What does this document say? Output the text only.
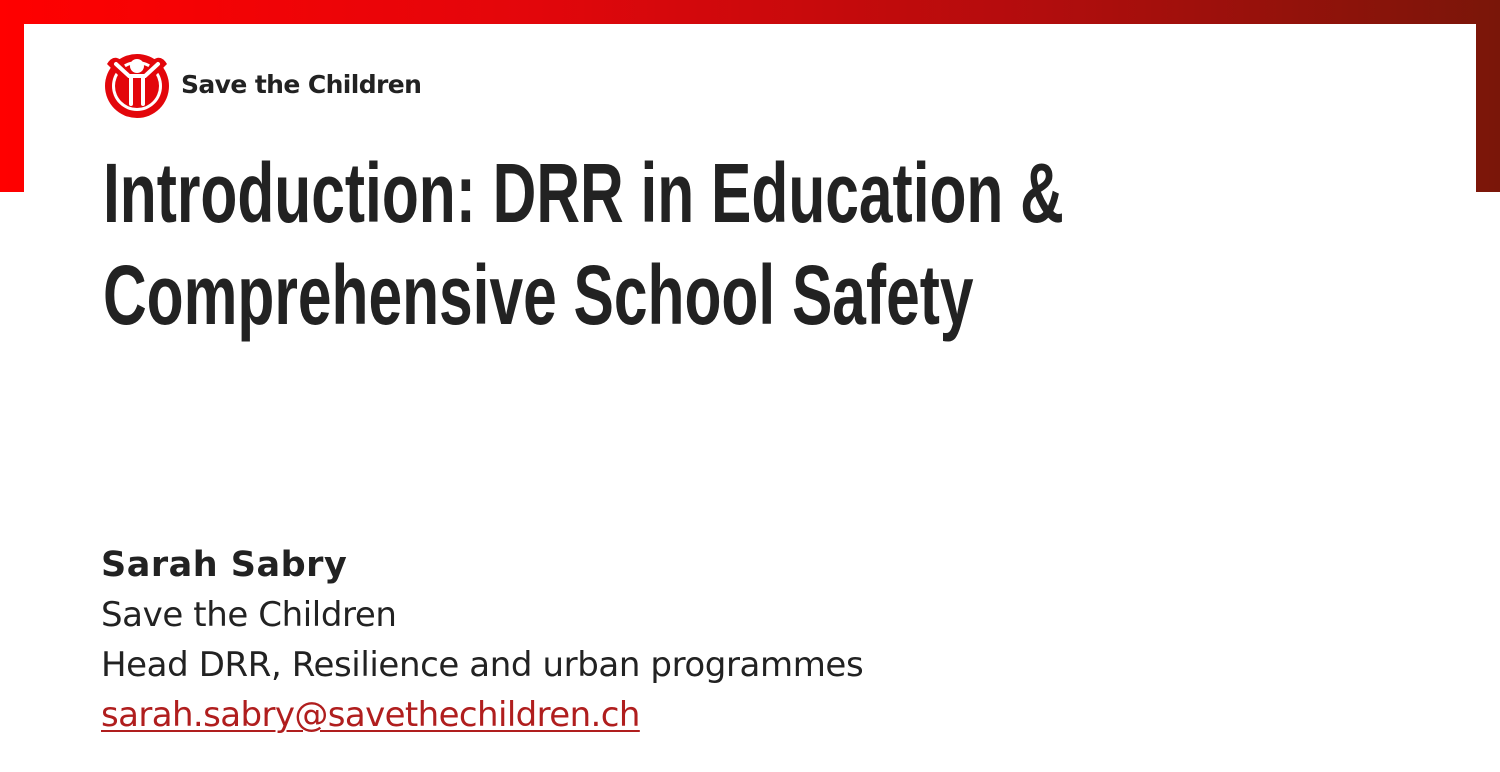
Save the Children
Introduction: DRR in Education &
Comprehensive School Safety
Sarah Sabry
Save the Children
Head DRR, Resilience and urban programmes
sarah.sabry@savethechildren.ch
